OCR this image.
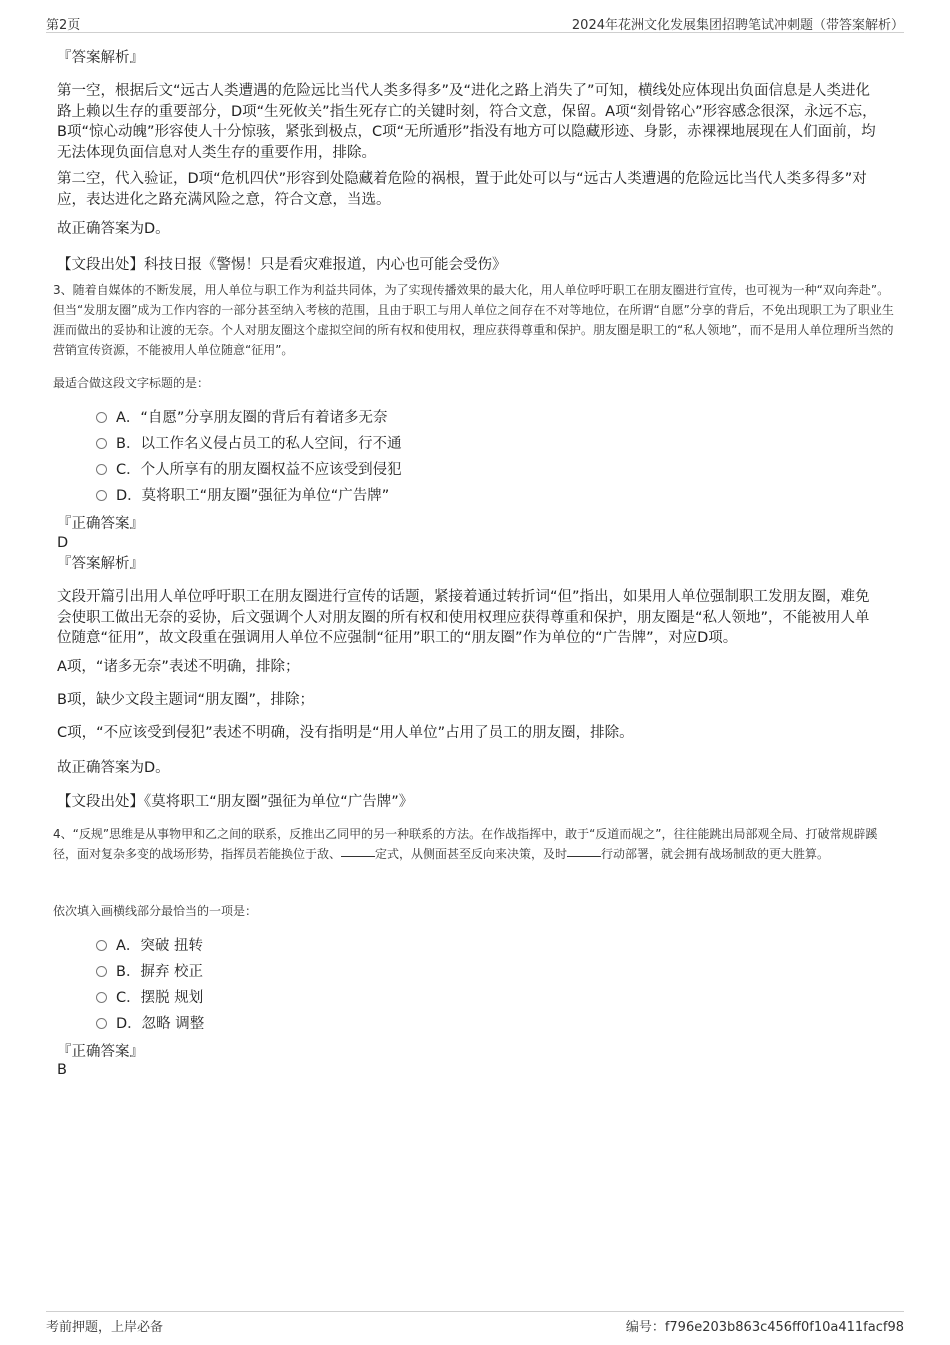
第2页	2024年花洲文化发展集团招聘笔试冲刺题（带答案解析）
『答案解析』
第一空，根据后文“远古人类遭遇的危险远比当代人类多得多”及“进化之路上消失了”可知，横线处应体现出负面信息是人类进化路上赖以生存的重要部分，D项“生死攸关”指生死存亡的关键时刻，符合文意，保留。A项“刻骨铭心”形容感念很深，永远不忘，B项“惊心动魄”形容使人十分惊骇，紧张到极点，C项“无所遁形”指没有地方可以隐藏形迹、身影，赤裸裸地展现在人们面前，均无法体现负面信息对人类生存的重要作用，排除。
第二空，代入验证，D项“危机四伏”形容到处隐藏着危险的祸根，置于此处可以与“远古人类遭遇的危险远比当代人类多得多”对应，表达进化之路充满风险之意，符合文意，当选。
故正确答案为D。
【文段出处】科技日报《警惕！只是看灾难报道，内心也可能会受伤》
3、随着自媒体的不断发展，用人单位与职工作为利益共同体，为了实现传播效果的最大化，用人单位呼吁职工在朋友圈进行宣传，也可视为一种“双向奔赴”。但当“发朋友圈”成为工作内容的一部分甚至纳入考核的范围，且由于职工与用人单位之间存在不对等地位，在所谓“自愿”分享的背后，不免出现职工为了职业生涯而做出的妥协和让渡的无奈。个人对朋友圈这个虚拟空间的所有权和使用权，理应获得尊重和保护。朋友圈是职工的“私人领地”，而不是用人单位理所当然的营销宣传资源，不能被用人单位随意“征用”。
最适合做这段文字标题的是：
A．“自愿”分享朋友圈的背后有着诸多无奈
B．以工作名义侵占员工的私人空间，行不通
C．个人所享有的朋友圈权益不应该受到侵犯
D．莫将职工“朋友圈”强征为单位“广告牌”
『正确答案』
D
『答案解析』
文段开篇引出用人单位呼吁职工在朋友圈进行宣传的话题，紧接着通过转折词“但”指出，如果用人单位强制职工发朋友圈，难免会使职工做出无奈的妥协，后文强调个人对朋友圈的所有权和使用权理应获得尊重和保护，朋友圈是“私人领地”，不能被用人单位随意“征用”，故文段重在强调用人单位不应强制“征用”职工的“朋友圈”作为单位的“广告牌”，对应D项。
A项，“诸多无奈”表述不明确，排除；
B项，缺少文段主题词“朋友圈”，排除；
C项，“不应该受到侵犯”表述不明确，没有指明是“用人单位”占用了员工的朋友圈，排除。
故正确答案为D。
【文段出处】《莫将职工“朋友圈”强征为单位“广告牌”》
4、“反规”思维是从事物甲和乙之间的联系，反推出乙同甲的另一种联系的方法。在作战指挥中，敢于“反道而觇之”，往往能跳出局部观全局、打破常规辟蹊径，面对复杂多变的战场形势，指挥员若能换位于敌、	定式，从侧面甚至反向来决策，及时	行动部署，就会拥有战场制敌的更大胜算。
依次填入画横线部分最恰当的一项是：
A．突破 扭转
B．摒弃 校正
C．摆脱 规划
D．忽略 调整
『正确答案』
B
考前押题，上岸必备	编号：f796e203b863c456ff0f10a411facf98
